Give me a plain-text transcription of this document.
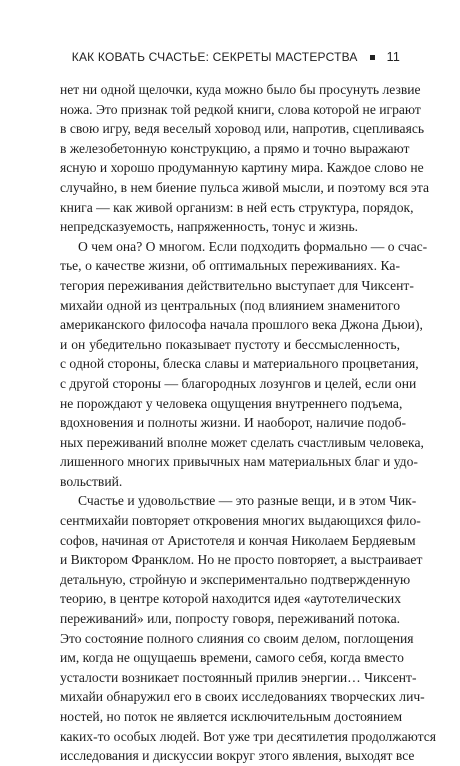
КАК КОВАТЬ СЧАСТЬЕ: СЕКРЕТЫ МАСТЕРСТВА 11
нет ни одной щелочки, куда можно было бы просунуть лезвие
ножа. Это признак той редкой книги, слова которой не играют
в свою игру, ведя веселый хоровод или, напротив, сцепливаясь
в железобетонную конструкцию, а прямо и точно выражают
ясную и хорошо продуманную картину мира. Каждое слово не
случайно, в нем биение пульса живой мысли, и поэтому вся эта
книга — как живой организм: в ней есть структура, порядок,
непредсказуемость, напряженность, тонус и жизнь.
О чем она? О многом. Если подходить формально — о счас-
тье, о качестве жизни, об оптимальных переживаниях. Ка-
тегория переживания действительно выступает для Чиксент-
михайи одной из центральных (под влиянием знаменитого
американского философа начала прошлого века Джона Дьюи),
и он убедительно показывает пустоту и бессмысленность,
с одной стороны, блеска славы и материального процветания,
с другой стороны — благородных лозунгов и целей, если они
не порождают у человека ощущения внутреннего подъема,
вдохновения и полноты жизни. И наоборот, наличие подоб-
ных переживаний вполне может сделать счастливым человека,
лишенного многих привычных нам материальных благ и удо-
вольствий.
Счастье и удовольствие — это разные вещи, и в этом Чик-
сентмихайи повторяет откровения многих выдающихся фило-
софов, начиная от Аристотеля и кончая Николаем Бердяевым
и Виктором Франклом. Но не просто повторяет, а выстраивает
детальную, стройную и экспериментально подтвержденную
теорию, в центре которой находится идея «аутотелических
переживаний» или, попросту говоря, переживаний потока.
Это состояние полного слияния со своим делом, поглощения
им, когда не ощущаешь времени, самого себя, когда вместо
усталости возникает постоянный прилив энергии… Чиксент-
михайи обнаружил его в своих исследованиях творческих лич-
ностей, но поток не является исключительным достоянием
каких-то особых людей. Вот уже три десятилетия продолжаются
исследования и дискуссии вокруг этого явления, выходят все
